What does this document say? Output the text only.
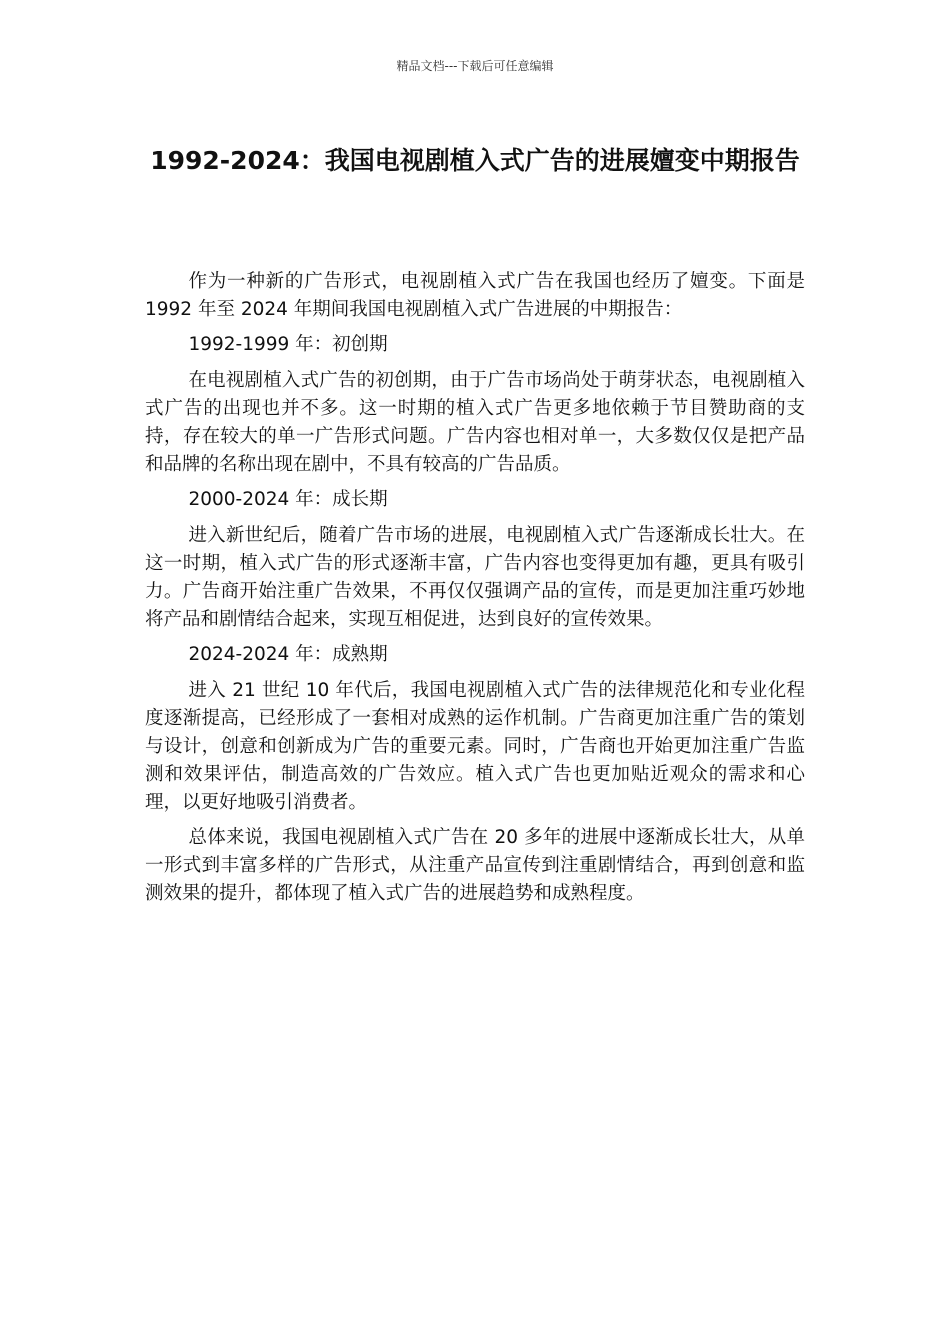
精品文档---下载后可任意编辑
1992-2024：我国电视剧植入式广告的进展嬗变中期报告

作为一种新的广告形式，电视剧植入式广告在我国也经历了嬗变。下面是 1992 年至 2024 年期间我国电视剧植入式广告进展的中期报告：

1992-1999 年：初创期

在电视剧植入式广告的初创期，由于广告市场尚处于萌芽状态，电视剧植入式广告的出现也并不多。这一时期的植入式广告更多地依赖于节目赞助商的支持，存在较大的单一广告形式问题。广告内容也相对单一，大多数仅仅是把产品和品牌的名称出现在剧中，不具有较高的广告品质。

2000-2024 年：成长期

进入新世纪后，随着广告市场的进展，电视剧植入式广告逐渐成长壮大。在这一时期，植入式广告的形式逐渐丰富，广告内容也变得更加有趣，更具有吸引力。广告商开始注重广告效果，不再仅仅强调产品的宣传，而是更加注重巧妙地将产品和剧情结合起来，实现互相促进，达到良好的宣传效果。

2024-2024 年：成熟期

进入 21 世纪 10 年代后，我国电视剧植入式广告的法律规范化和专业化程度逐渐提高，已经形成了一套相对成熟的运作机制。广告商更加注重广告的策划与设计，创意和创新成为广告的重要元素。同时，广告商也开始更加注重广告监测和效果评估，制造高效的广告效应。植入式广告也更加贴近观众的需求和心理，以更好地吸引消费者。

总体来说，我国电视剧植入式广告在 20 多年的进展中逐渐成长壮大，从单一形式到丰富多样的广告形式，从注重产品宣传到注重剧情结合，再到创意和监测效果的提升，都体现了植入式广告的进展趋势和成熟程度。
